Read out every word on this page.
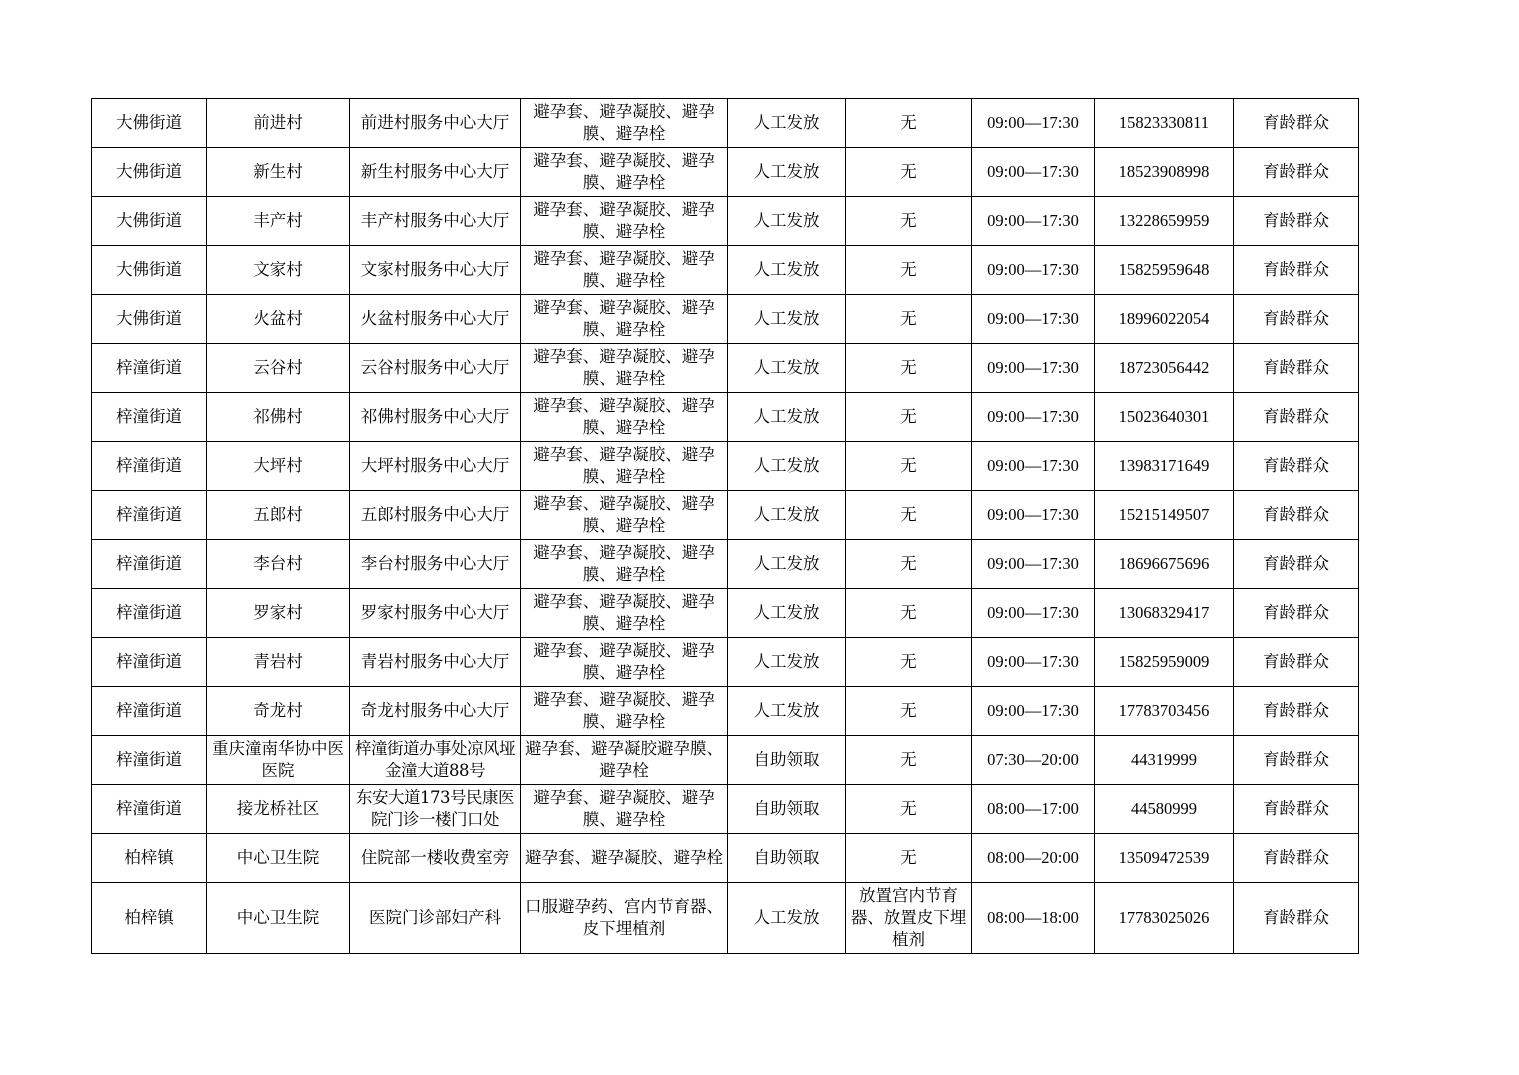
大佛街道	前进村	前进村服务中心大厅	避孕套、避孕凝胶、避孕膜、避孕栓	人工发放	无	09:00—17:30	15823330811	育龄群众
大佛街道	新生村	新生村服务中心大厅	避孕套、避孕凝胶、避孕膜、避孕栓	人工发放	无	09:00—17:30	18523908998	育龄群众
大佛街道	丰产村	丰产村服务中心大厅	避孕套、避孕凝胶、避孕膜、避孕栓	人工发放	无	09:00—17:30	13228659959	育龄群众
大佛街道	文家村	文家村服务中心大厅	避孕套、避孕凝胶、避孕膜、避孕栓	人工发放	无	09:00—17:30	15825959648	育龄群众
大佛街道	火盆村	火盆村服务中心大厅	避孕套、避孕凝胶、避孕膜、避孕栓	人工发放	无	09:00—17:30	18996022054	育龄群众
梓潼街道	云谷村	云谷村服务中心大厅	避孕套、避孕凝胶、避孕膜、避孕栓	人工发放	无	09:00—17:30	18723056442	育龄群众
梓潼街道	祁佛村	祁佛村服务中心大厅	避孕套、避孕凝胶、避孕膜、避孕栓	人工发放	无	09:00—17:30	15023640301	育龄群众
梓潼街道	大坪村	大坪村服务中心大厅	避孕套、避孕凝胶、避孕膜、避孕栓	人工发放	无	09:00—17:30	13983171649	育龄群众
梓潼街道	五郎村	五郎村服务中心大厅	避孕套、避孕凝胶、避孕膜、避孕栓	人工发放	无	09:00—17:30	15215149507	育龄群众
梓潼街道	李台村	李台村服务中心大厅	避孕套、避孕凝胶、避孕膜、避孕栓	人工发放	无	09:00—17:30	18696675696	育龄群众
梓潼街道	罗家村	罗家村服务中心大厅	避孕套、避孕凝胶、避孕膜、避孕栓	人工发放	无	09:00—17:30	13068329417	育龄群众
梓潼街道	青岩村	青岩村服务中心大厅	避孕套、避孕凝胶、避孕膜、避孕栓	人工发放	无	09:00—17:30	15825959009	育龄群众
梓潼街道	奇龙村	奇龙村服务中心大厅	避孕套、避孕凝胶、避孕膜、避孕栓	人工发放	无	09:00—17:30	17783703456	育龄群众
梓潼街道	重庆潼南华协中医医院	梓潼街道办事处凉风垭金潼大道88号	避孕套、避孕凝胶避孕膜、避孕栓	自助领取	无	07:30—20:00	44319999	育龄群众
梓潼街道	接龙桥社区	东安大道173号民康医院门诊一楼门口处	避孕套、避孕凝胶、避孕膜、避孕栓	自助领取	无	08:00—17:00	44580999	育龄群众
柏梓镇	中心卫生院	住院部一楼收费室旁	避孕套、避孕凝胶、避孕栓	自助领取	无	08:00—20:00	13509472539	育龄群众
柏梓镇	中心卫生院	医院门诊部妇产科	口服避孕药、宫内节育器、皮下埋植剂	人工发放	放置宫内节育器、放置皮下埋植剂	08:00—18:00	17783025026	育龄群众
